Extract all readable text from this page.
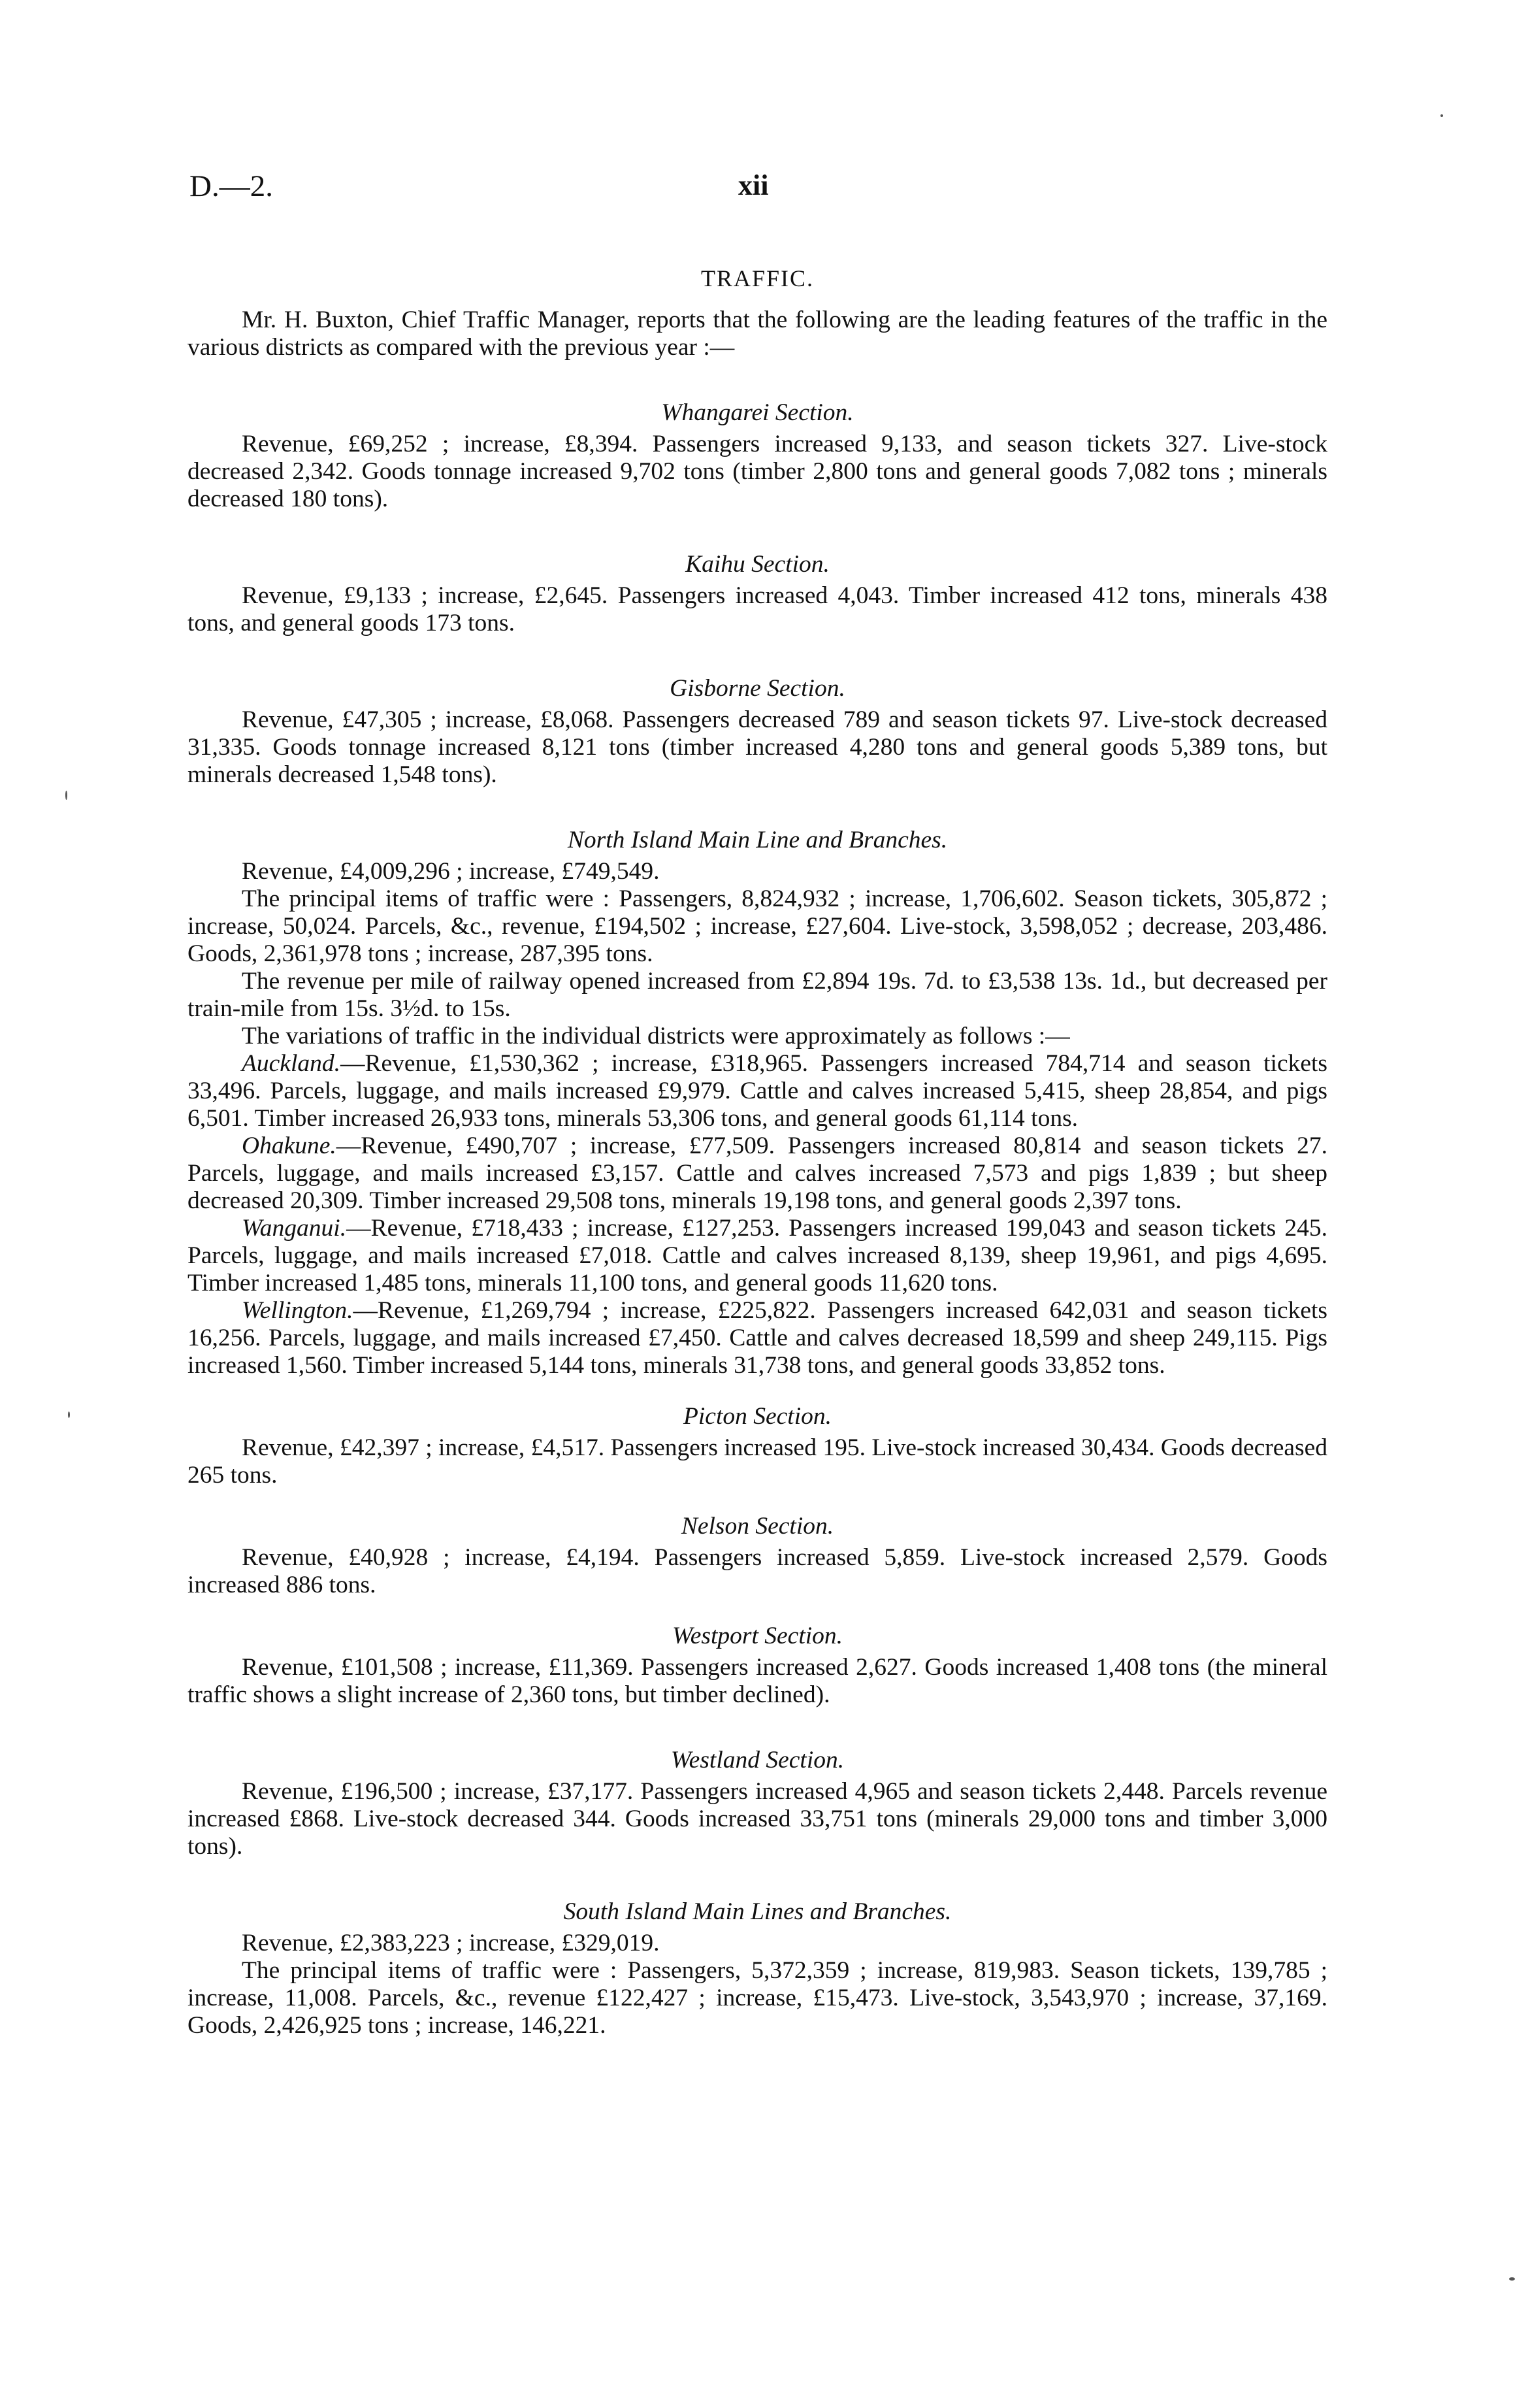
D.—2.	xii
TRAFFIC.

Mr. H. Buxton, Chief Traffic Manager, reports that the following are the leading features of the traffic in the various districts as compared with the previous year :—

Whangarei Section.

Revenue, £69,252 ; increase, £8,394. Passengers increased 9,133, and season tickets 327. Live-stock decreased 2,342. Goods tonnage increased 9,702 tons (timber 2,800 tons and general goods 7,082 tons ; minerals decreased 180 tons).

Kaihu Section.

Revenue, £9,133 ; increase, £2,645. Passengers increased 4,043. Timber increased 412 tons, minerals 438 tons, and general goods 173 tons.

Gisborne Section.

Revenue, £47,305 ; increase, £8,068. Passengers decreased 789 and season tickets 97. Live-stock decreased 31,335. Goods tonnage increased 8,121 tons (timber increased 4,280 tons and general goods 5,389 tons, but minerals decreased 1,548 tons).

North Island Main Line and Branches.

Revenue, £4,009,296 ; increase, £749,549.

The principal items of traffic were : Passengers, 8,824,932 ; increase, 1,706,602. Season tickets, 305,872 ; increase, 50,024. Parcels, &c., revenue, £194,502 ; increase, £27,604. Live-stock, 3,598,052 ; decrease, 203,486. Goods, 2,361,978 tons ; increase, 287,395 tons.

The revenue per mile of railway opened increased from £2,894 19s. 7d. to £3,538 13s. 1d., but decreased per train-mile from 15s. 3½d. to 15s.

The variations of traffic in the individual districts were approximately as follows :—

Auckland.—Revenue, £1,530,362 ; increase, £318,965. Passengers increased 784,714 and season tickets 33,496. Parcels, luggage, and mails increased £9,979. Cattle and calves increased 5,415, sheep 28,854, and pigs 6,501. Timber increased 26,933 tons, minerals 53,306 tons, and general goods 61,114 tons.

Ohakune.—Revenue, £490,707 ; increase, £77,509. Passengers increased 80,814 and season tickets 27. Parcels, luggage, and mails increased £3,157. Cattle and calves increased 7,573 and pigs 1,839 ; but sheep decreased 20,309. Timber increased 29,508 tons, minerals 19,198 tons, and general goods 2,397 tons.

Wanganui.—Revenue, £718,433 ; increase, £127,253. Passengers increased 199,043 and season tickets 245. Parcels, luggage, and mails increased £7,018. Cattle and calves increased 8,139, sheep 19,961, and pigs 4,695. Timber increased 1,485 tons, minerals 11,100 tons, and general goods 11,620 tons.

Wellington.—Revenue, £1,269,794 ; increase, £225,822. Passengers increased 642,031 and season tickets 16,256. Parcels, luggage, and mails increased £7,450. Cattle and calves decreased 18,599 and sheep 249,115. Pigs increased 1,560. Timber increased 5,144 tons, minerals 31,738 tons, and general goods 33,852 tons.

Picton Section.

Revenue, £42,397 ; increase, £4,517. Passengers increased 195. Live-stock increased 30,434. Goods decreased 265 tons.

Nelson Section.

Revenue, £40,928 ; increase, £4,194. Passengers increased 5,859. Live-stock increased 2,579. Goods increased 886 tons.

Westport Section.

Revenue, £101,508 ; increase, £11,369. Passengers increased 2,627. Goods increased 1,408 tons (the mineral traffic shows a slight increase of 2,360 tons, but timber declined).

Westland Section.

Revenue, £196,500 ; increase, £37,177. Passengers increased 4,965 and season tickets 2,448. Parcels revenue increased £868. Live-stock decreased 344. Goods increased 33,751 tons (minerals 29,000 tons and timber 3,000 tons).

South Island Main Lines and Branches.

Revenue, £2,383,223 ; increase, £329,019.

The principal items of traffic were : Passengers, 5,372,359 ; increase, 819,983. Season tickets, 139,785 ; increase, 11,008. Parcels, &c., revenue £122,427 ; increase, £15,473. Live-stock, 3,543,970 ; increase, 37,169. Goods, 2,426,925 tons ; increase, 146,221.
